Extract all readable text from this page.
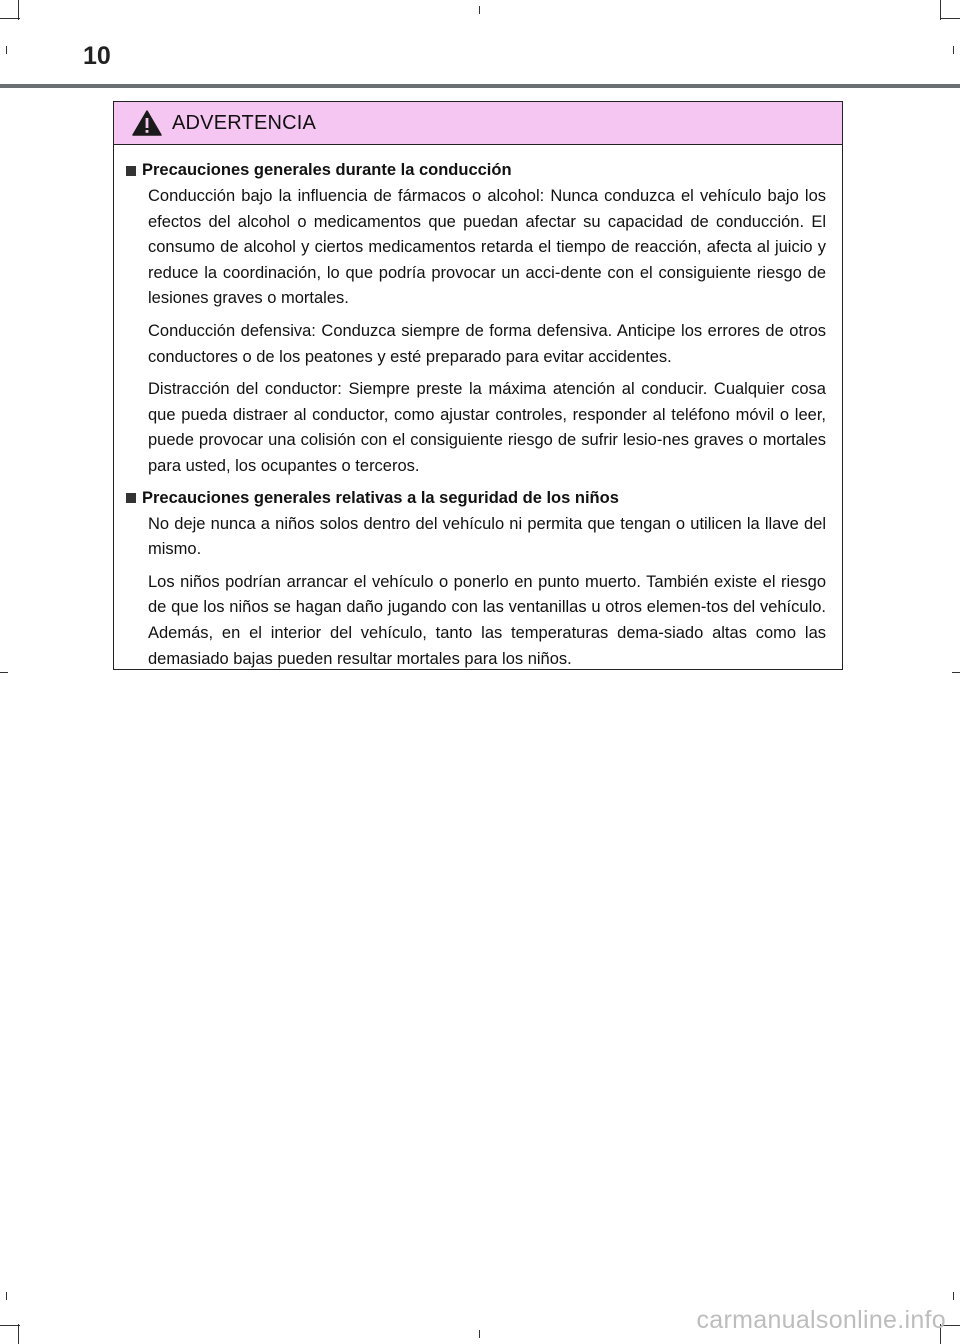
10
ADVERTENCIA
Precauciones generales durante la conducción

Conducción bajo la influencia de fármacos o alcohol: Nunca conduzca el vehículo bajo los efectos del alcohol o medicamentos que puedan afectar su capacidad de conducción. El consumo de alcohol y ciertos medicamentos retarda el tiempo de reacción, afecta al juicio y reduce la coordinación, lo que podría provocar un acci-dente con el consiguiente riesgo de lesiones graves o mortales.

Conducción defensiva: Conduzca siempre de forma defensiva. Anticipe los errores de otros conductores o de los peatones y esté preparado para evitar accidentes.

Distracción del conductor: Siempre preste la máxima atención al conducir. Cualquier cosa que pueda distraer al conductor, como ajustar controles, responder al teléfono móvil o leer, puede provocar una colisión con el consiguiente riesgo de sufrir lesio-nes graves o mortales para usted, los ocupantes o terceros.

Precauciones generales relativas a la seguridad de los niños

No deje nunca a niños solos dentro del vehículo ni permita que tengan o utilicen la llave del mismo.

Los niños podrían arrancar el vehículo o ponerlo en punto muerto. También existe el riesgo de que los niños se hagan daño jugando con las ventanillas u otros elemen-tos del vehículo. Además, en el interior del vehículo, tanto las temperaturas dema-siado altas como las demasiado bajas pueden resultar mortales para los niños.

carmanualsonline.info
